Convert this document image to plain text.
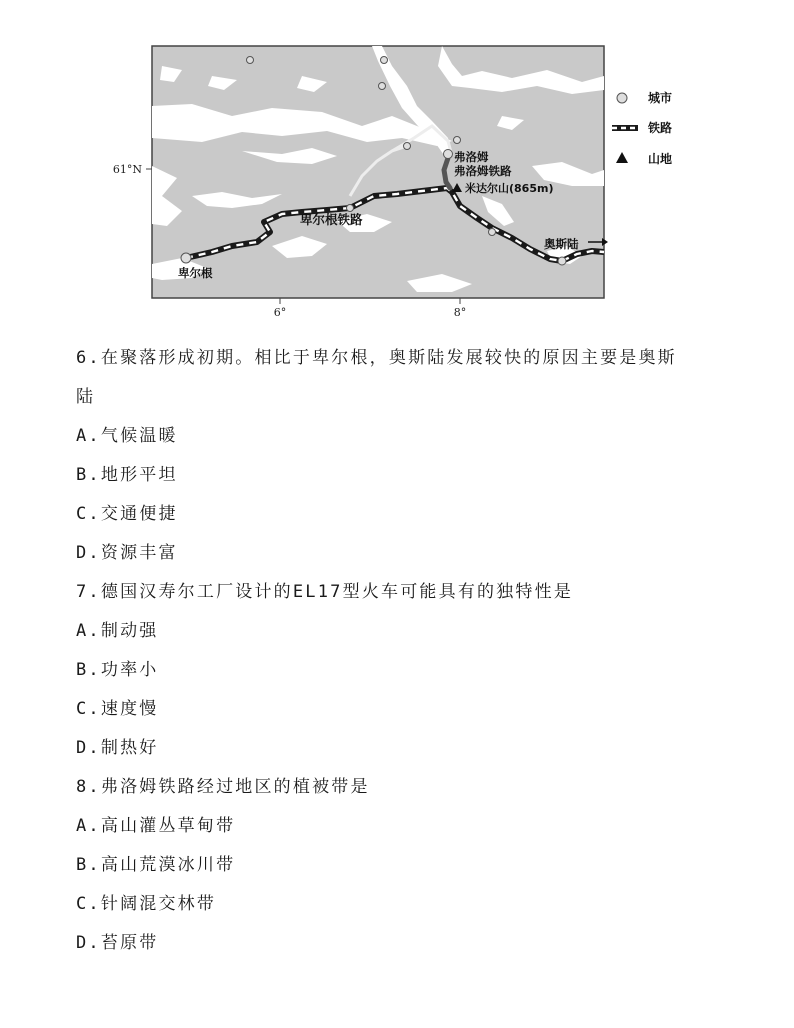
弗洛姆
弗洛姆铁路
米达尔山(865m)
卑尔根铁路
卑尔根
奥斯陆
61°N
6°	8°
城市
铁路
山地
6.在聚落形成初期。相比于卑尔根，奥斯陆发展较快的原因主要是奥斯
陆
A.气候温暖
B.地形平坦
C.交通便捷
D.资源丰富
7.德国汉寿尔工厂设计的EL17型火车可能具有的独特性是
A.制动强
B.功率小
C.速度慢
D.制热好
8.弗洛姆铁路经过地区的植被带是
A.高山灌丛草甸带
B.高山荒漠冰川带
C.针阔混交林带
D.苔原带
